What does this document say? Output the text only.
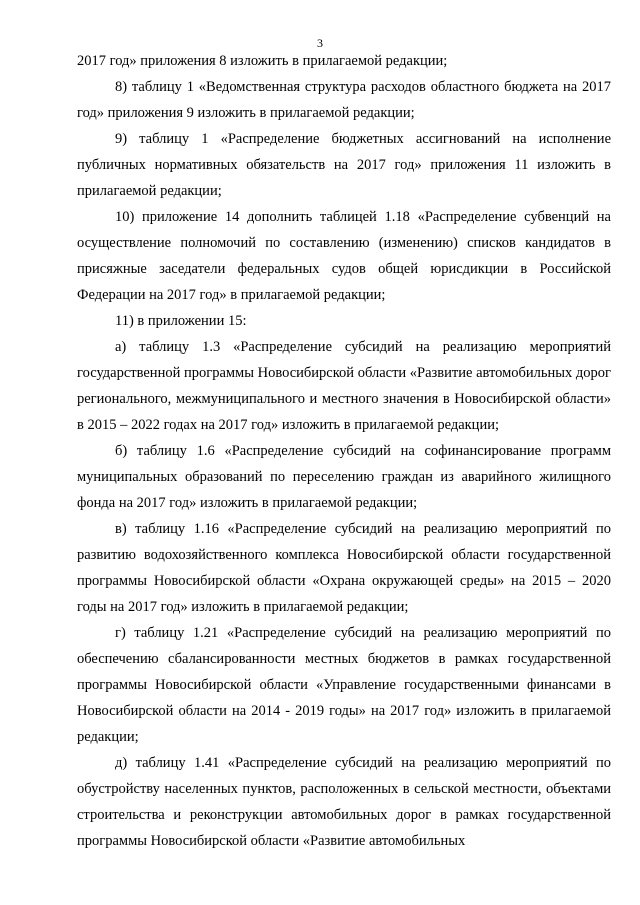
3

2017 год» приложения 8 изложить в прилагаемой редакции;

8) таблицу 1 «Ведомственная структура расходов областного бюджета на 2017 год» приложения 9 изложить в прилагаемой редакции;

9) таблицу 1 «Распределение бюджетных ассигнований на исполнение публичных нормативных обязательств на 2017 год» приложения 11 изложить в прилагаемой редакции;

10) приложение 14 дополнить таблицей 1.18 «Распределение субвенций на осуществление полномочий по составлению (изменению) списков кандидатов в присяжные заседатели федеральных судов общей юрисдикции в Российской Федерации на 2017 год» в прилагаемой редакции;

11) в приложении 15:

а) таблицу 1.3 «Распределение субсидий на реализацию мероприятий государственной программы Новосибирской области «Развитие автомобильных дорог регионального, межмуниципального и местного значения в Новосибирской области» в 2015 – 2022 годах на 2017 год» изложить в прилагаемой редакции;

б) таблицу 1.6 «Распределение субсидий на софинансирование программ муниципальных образований по переселению граждан из аварийного жилищного фонда на 2017 год» изложить в прилагаемой редакции;

в) таблицу 1.16 «Распределение субсидий на реализацию мероприятий по развитию водохозяйственного комплекса Новосибирской области государственной программы Новосибирской области «Охрана окружающей среды» на 2015 – 2020 годы на 2017 год» изложить в прилагаемой редакции;

г) таблицу 1.21 «Распределение субсидий на реализацию мероприятий по обеспечению сбалансированности местных бюджетов в рамках государственной программы Новосибирской области «Управление государственными финансами в Новосибирской области на 2014 - 2019 годы» на 2017 год» изложить в прилагаемой редакции;

д) таблицу 1.41 «Распределение субсидий на реализацию мероприятий по обустройству населенных пунктов, расположенных в сельской местности, объектами строительства и реконструкции автомобильных дорог в рамках государственной программы Новосибирской области «Развитие автомобильных
